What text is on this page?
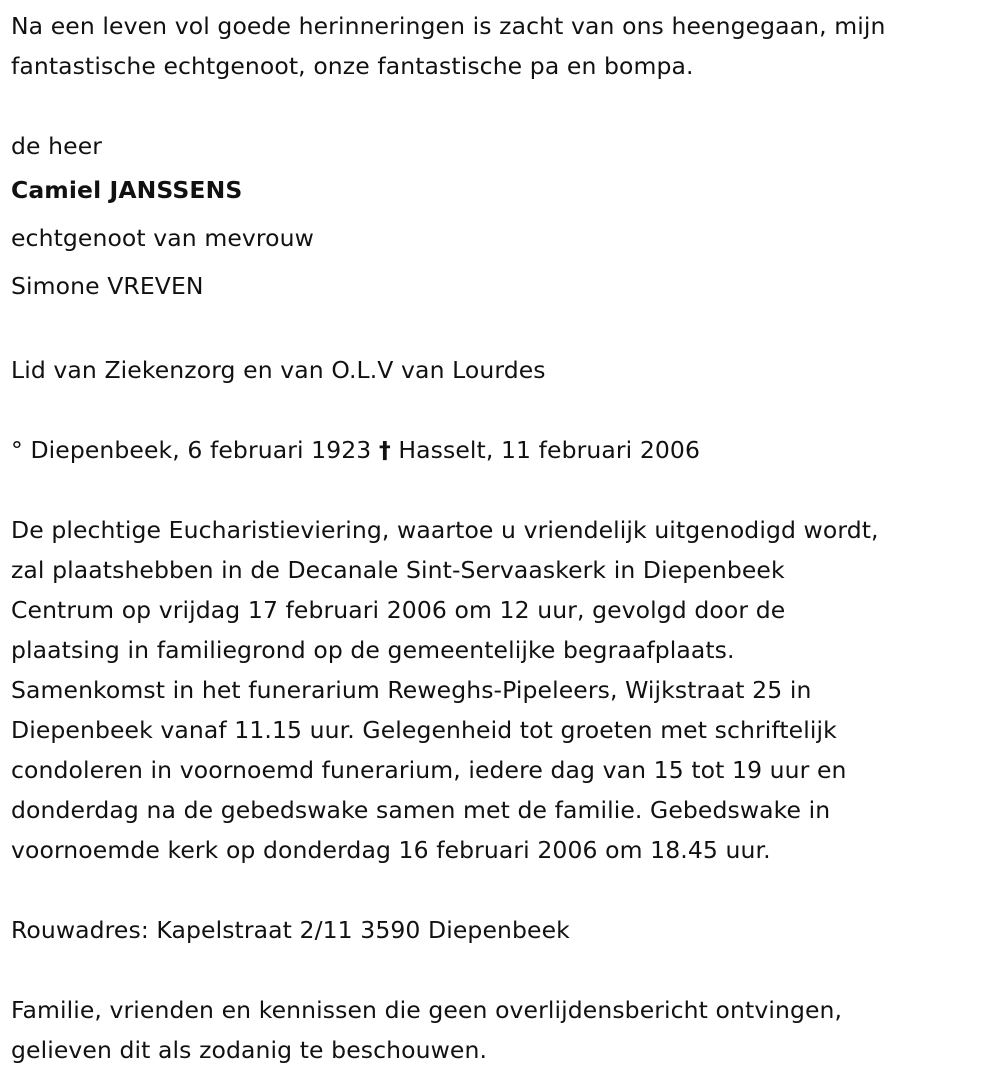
Na een leven vol goede herinneringen is zacht van ons heengegaan, mijn
fantastische echtgenoot, onze fantastische pa en bompa.

de heer
Camiel JANSSENS
echtgenoot van mevrouw
Simone VREVEN

Lid van Ziekenzorg en van O.L.V van Lourdes

° Diepenbeek, 6 februari 1923 † Hasselt, 11 februari 2006

De plechtige Eucharistieviering, waartoe u vriendelijk uitgenodigd wordt,
zal plaatshebben in de Decanale Sint-Servaaskerk in Diepenbeek
Centrum op vrijdag 17 februari 2006 om 12 uur, gevolgd door de
plaatsing in familiegrond op de gemeentelijke begraafplaats.
Samenkomst in het funerarium Reweghs-Pipeleers, Wijkstraat 25 in
Diepenbeek vanaf 11.15 uur. Gelegenheid tot groeten met schriftelijk
condoleren in voornoemd funerarium, iedere dag van 15 tot 19 uur en
donderdag na de gebedswake samen met de familie. Gebedswake in
voornoemde kerk op donderdag 16 februari 2006 om 18.45 uur.

Rouwadres: Kapelstraat 2/11 3590 Diepenbeek

Familie, vrienden en kennissen die geen overlijdensbericht ontvingen,
gelieven dit als zodanig te beschouwen.
